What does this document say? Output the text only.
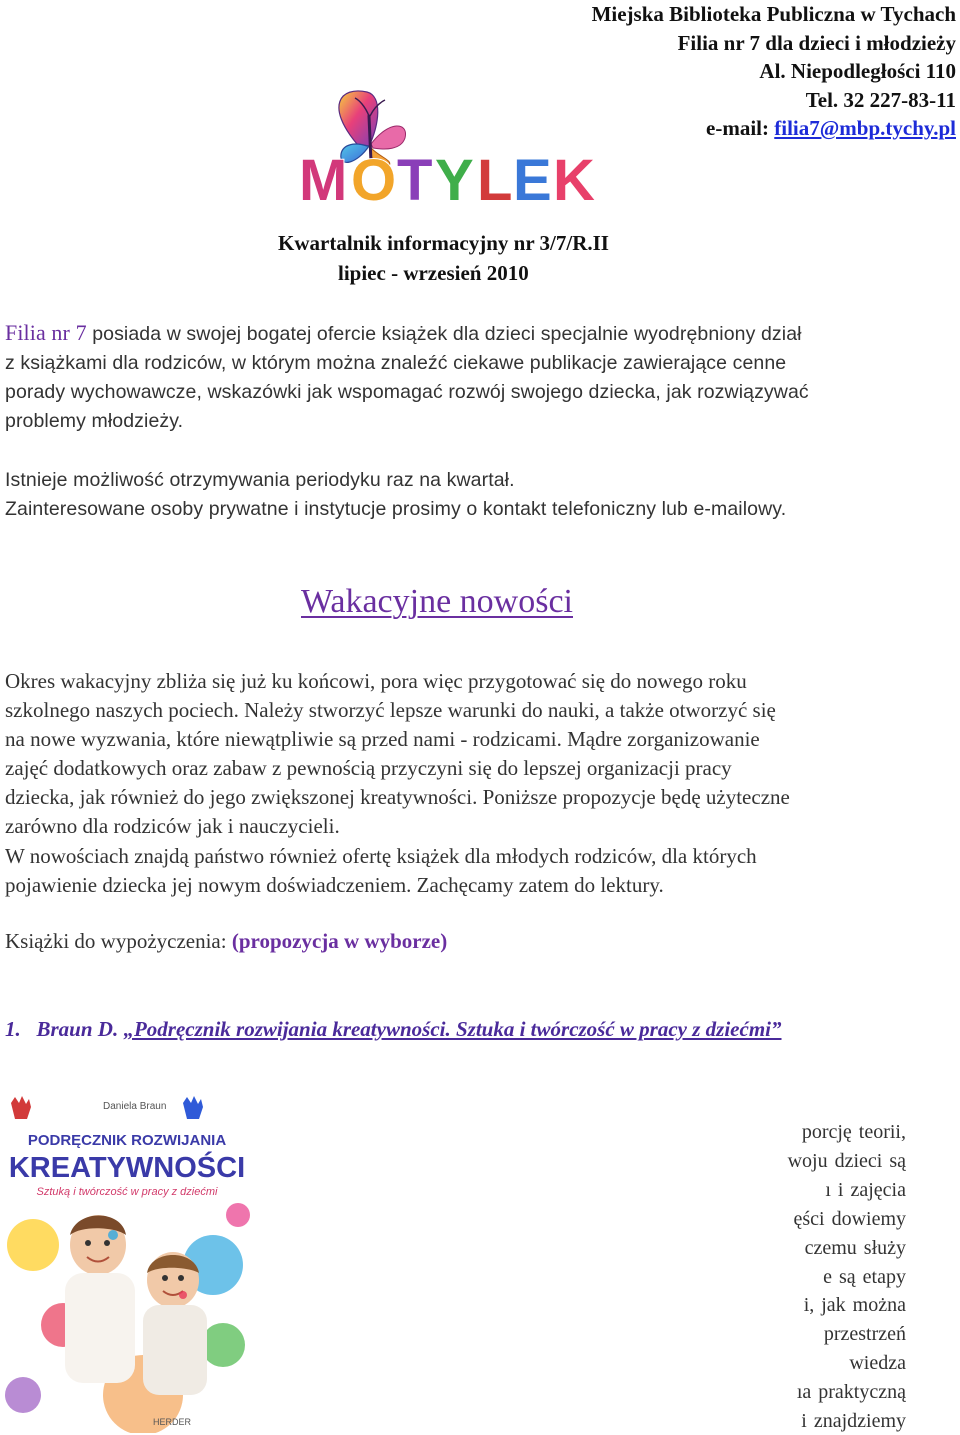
Miejska Biblioteka Publiczna w Tychach
Filia nr 7 dla dzieci i młodzieży
Al. Niepodległości 110
Tel. 32 227-83-11
e-mail: filia7@mbp.tychy.pl
M O T Y L E K
Kwartalnik informacyjny nr 3/7/R.II
lipiec - wrzesień 2010
Filia nr 7 posiada w swojej bogatej ofercie książek dla dzieci specjalnie wyodrębniony dział
z książkami dla rodziców, w którym można znaleźć ciekawe publikacje zawierające cenne
porady wychowawcze, wskazówki jak wspomagać rozwój swojego dziecka, jak rozwiązywać
problemy młodzieży.
Istnieje możliwość otrzymywania periodyku raz na kwartał.
Zainteresowane osoby prywatne i instytucje prosimy o kontakt telefoniczny lub e-mailowy.
Wakacyjne nowości
Okres wakacyjny zbliża się już ku końcowi, pora więc przygotować się do nowego roku
szkolnego naszych pociech. Należy stworzyć lepsze warunki do nauki, a także otworzyć się
na nowe wyzwania, które niewątpliwie są przed nami - rodzicami. Mądre zorganizowanie
zajęć dodatkowych oraz zabaw z pewnością przyczyni się do lepszej organizacji pracy
dziecka, jak również do jego zwiększonej kreatywności. Poniższe propozycje będę użyteczne
zarówno dla rodziców jak i nauczycieli.
W nowościach znajdą państwo również ofertę książek dla młodych rodziców, dla których
pojawienie dziecka jej nowym doświadczeniem. Zachęcamy zatem do lektury.
Książki do wypożyczenia: (propozycja w wyborze)
1. Braun D. „Podręcznik rozwijania kreatywności. Sztuka i twórczość w pracy z dziećmi”
Daniela Braun
PODRĘCZNIK ROZWIJANIA
KREATYWNOŚCI
Sztuką i twórczość w pracy z dziećmi
HERDER
porcję teorii,
woju dzieci są
ı i zajęcia
ęści dowiemy
czemu służy
e są etapy
i, jak można
przestrzeń
wiedza
ıa praktyczną
i znajdziemy
